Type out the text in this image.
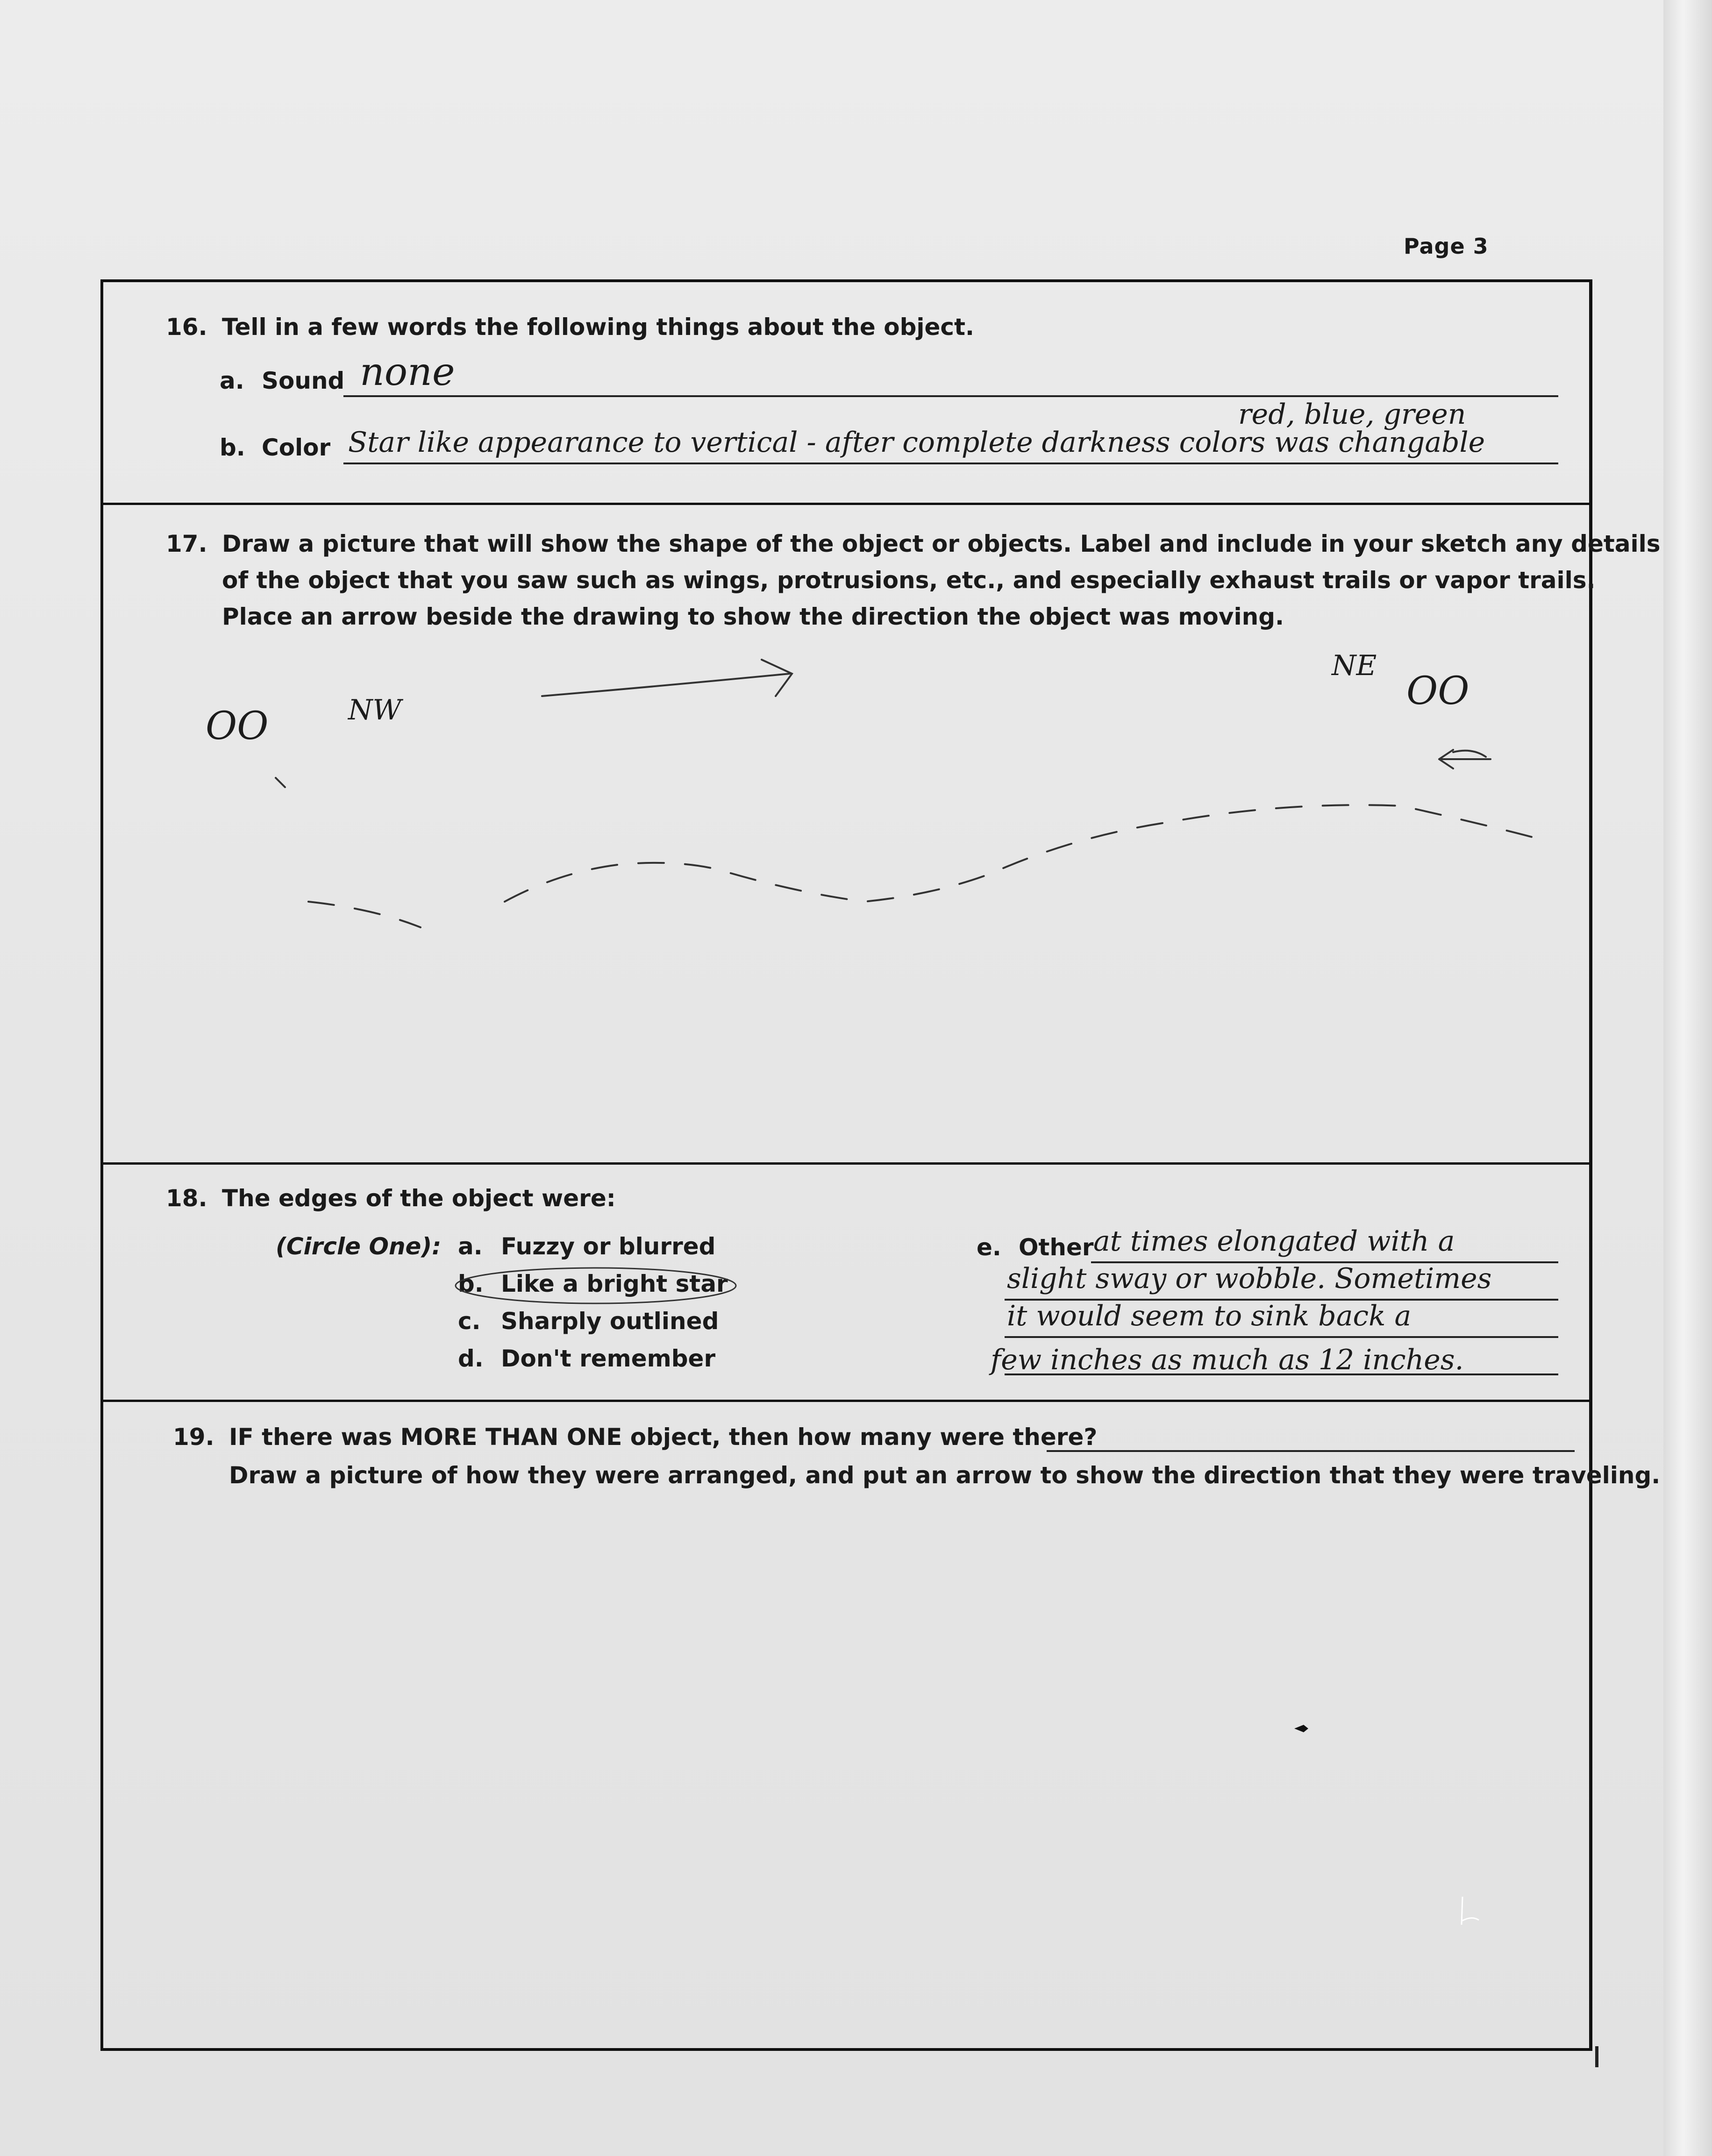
Page 3
16. Tell in a few words the following things about the object.
a. Sound none
b. Color
red, blue, green
Star like appearance to vertical - after complete darkness colors was changable
17. Draw a picture that will show the shape of the object or objects. Label and include in your sketch any details
of the object that you saw such as wings, protrusions, etc., and especially exhaust trails or vapor trails.
Place an arrow beside the drawing to show the direction the object was moving.
NE
OO
NW
OO
18. The edges of the object were:
(Circle One): a. Fuzzy or blurred
b. Like a bright star
c. Sharply outlined
d. Don't remember
e. Other at times elongated with a
slight sway or wobble. Sometimes
it would seem to sink back a
few inches as much as 12 inches.
19. IF there was MORE THAN ONE object, then how many were there?
Draw a picture of how they were arranged, and put an arrow to show the direction that they were traveling.
